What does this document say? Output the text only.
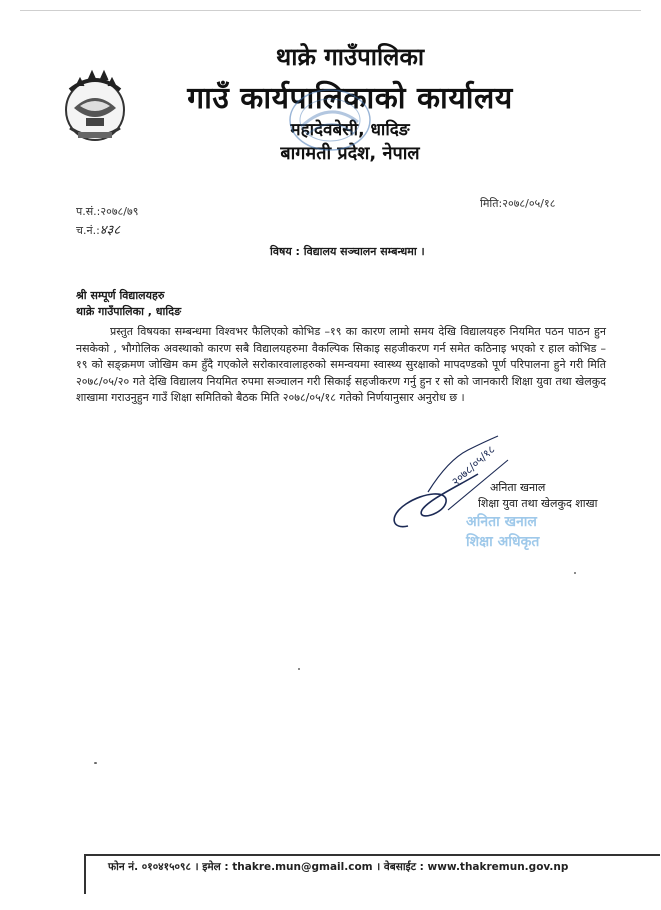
थाक्रे गाउँपालिका
गाउँ कार्यपालिकाको कार्यालय
महादेवबेसी, धादिङ
बागमती प्रदेश, नेपाल
प.सं.:२०७८/७९
च.नं.:४३८
मिति:२०७८/०५/१८
विषय : विद्यालय सञ्चालन सम्बन्धमा ।
श्री सम्पूर्ण विद्यालयहरु
थाक्रे गाउँपालिका , धादिङ
प्रस्तुत विषयका सम्बन्धमा विश्वभर फैलिएको कोभिड –१९ का कारण लामो समय देखि विद्यालयहरु नियमित पठन पाठन हुन नसकेको , भौगोलिक अवस्थाको कारण सबै विद्यालयहरुमा वैकल्पिक सिकाइ सहजीकरण गर्न समेत कठिनाइ भएको र हाल कोभिड –१९ को सङ्क्रमण जोखिम कम हुँदै गएकोले सरोकारवालाहरुको समन्वयमा स्वास्थ्य सुरक्षाको मापदण्डको पूर्ण परिपालना हुने गरी मिति २०७८/०५/२० गते देखि विद्यालय नियमित रुपमा सञ्चालन गरी सिकाई सहजीकरण गर्नु हुन र सो को जानकारी शिक्षा युवा तथा खेलकुद शाखामा गराउनुहुन गाउँ शिक्षा समितिको बैठक मिति २०७८/०५/१८ गतेको निर्णयानुसार अनुरोध छ ।
२०७८/०५/१८
अनिता खनाल
शिक्षा युवा तथा खेलकुद शाखा
अनिता खनाल
शिक्षा अधिकृत
फोन नं. ०१०४१५०९८ । इमेल : thakre.mun@gmail.com । वेबसाईट : www.thakremun.gov.np
